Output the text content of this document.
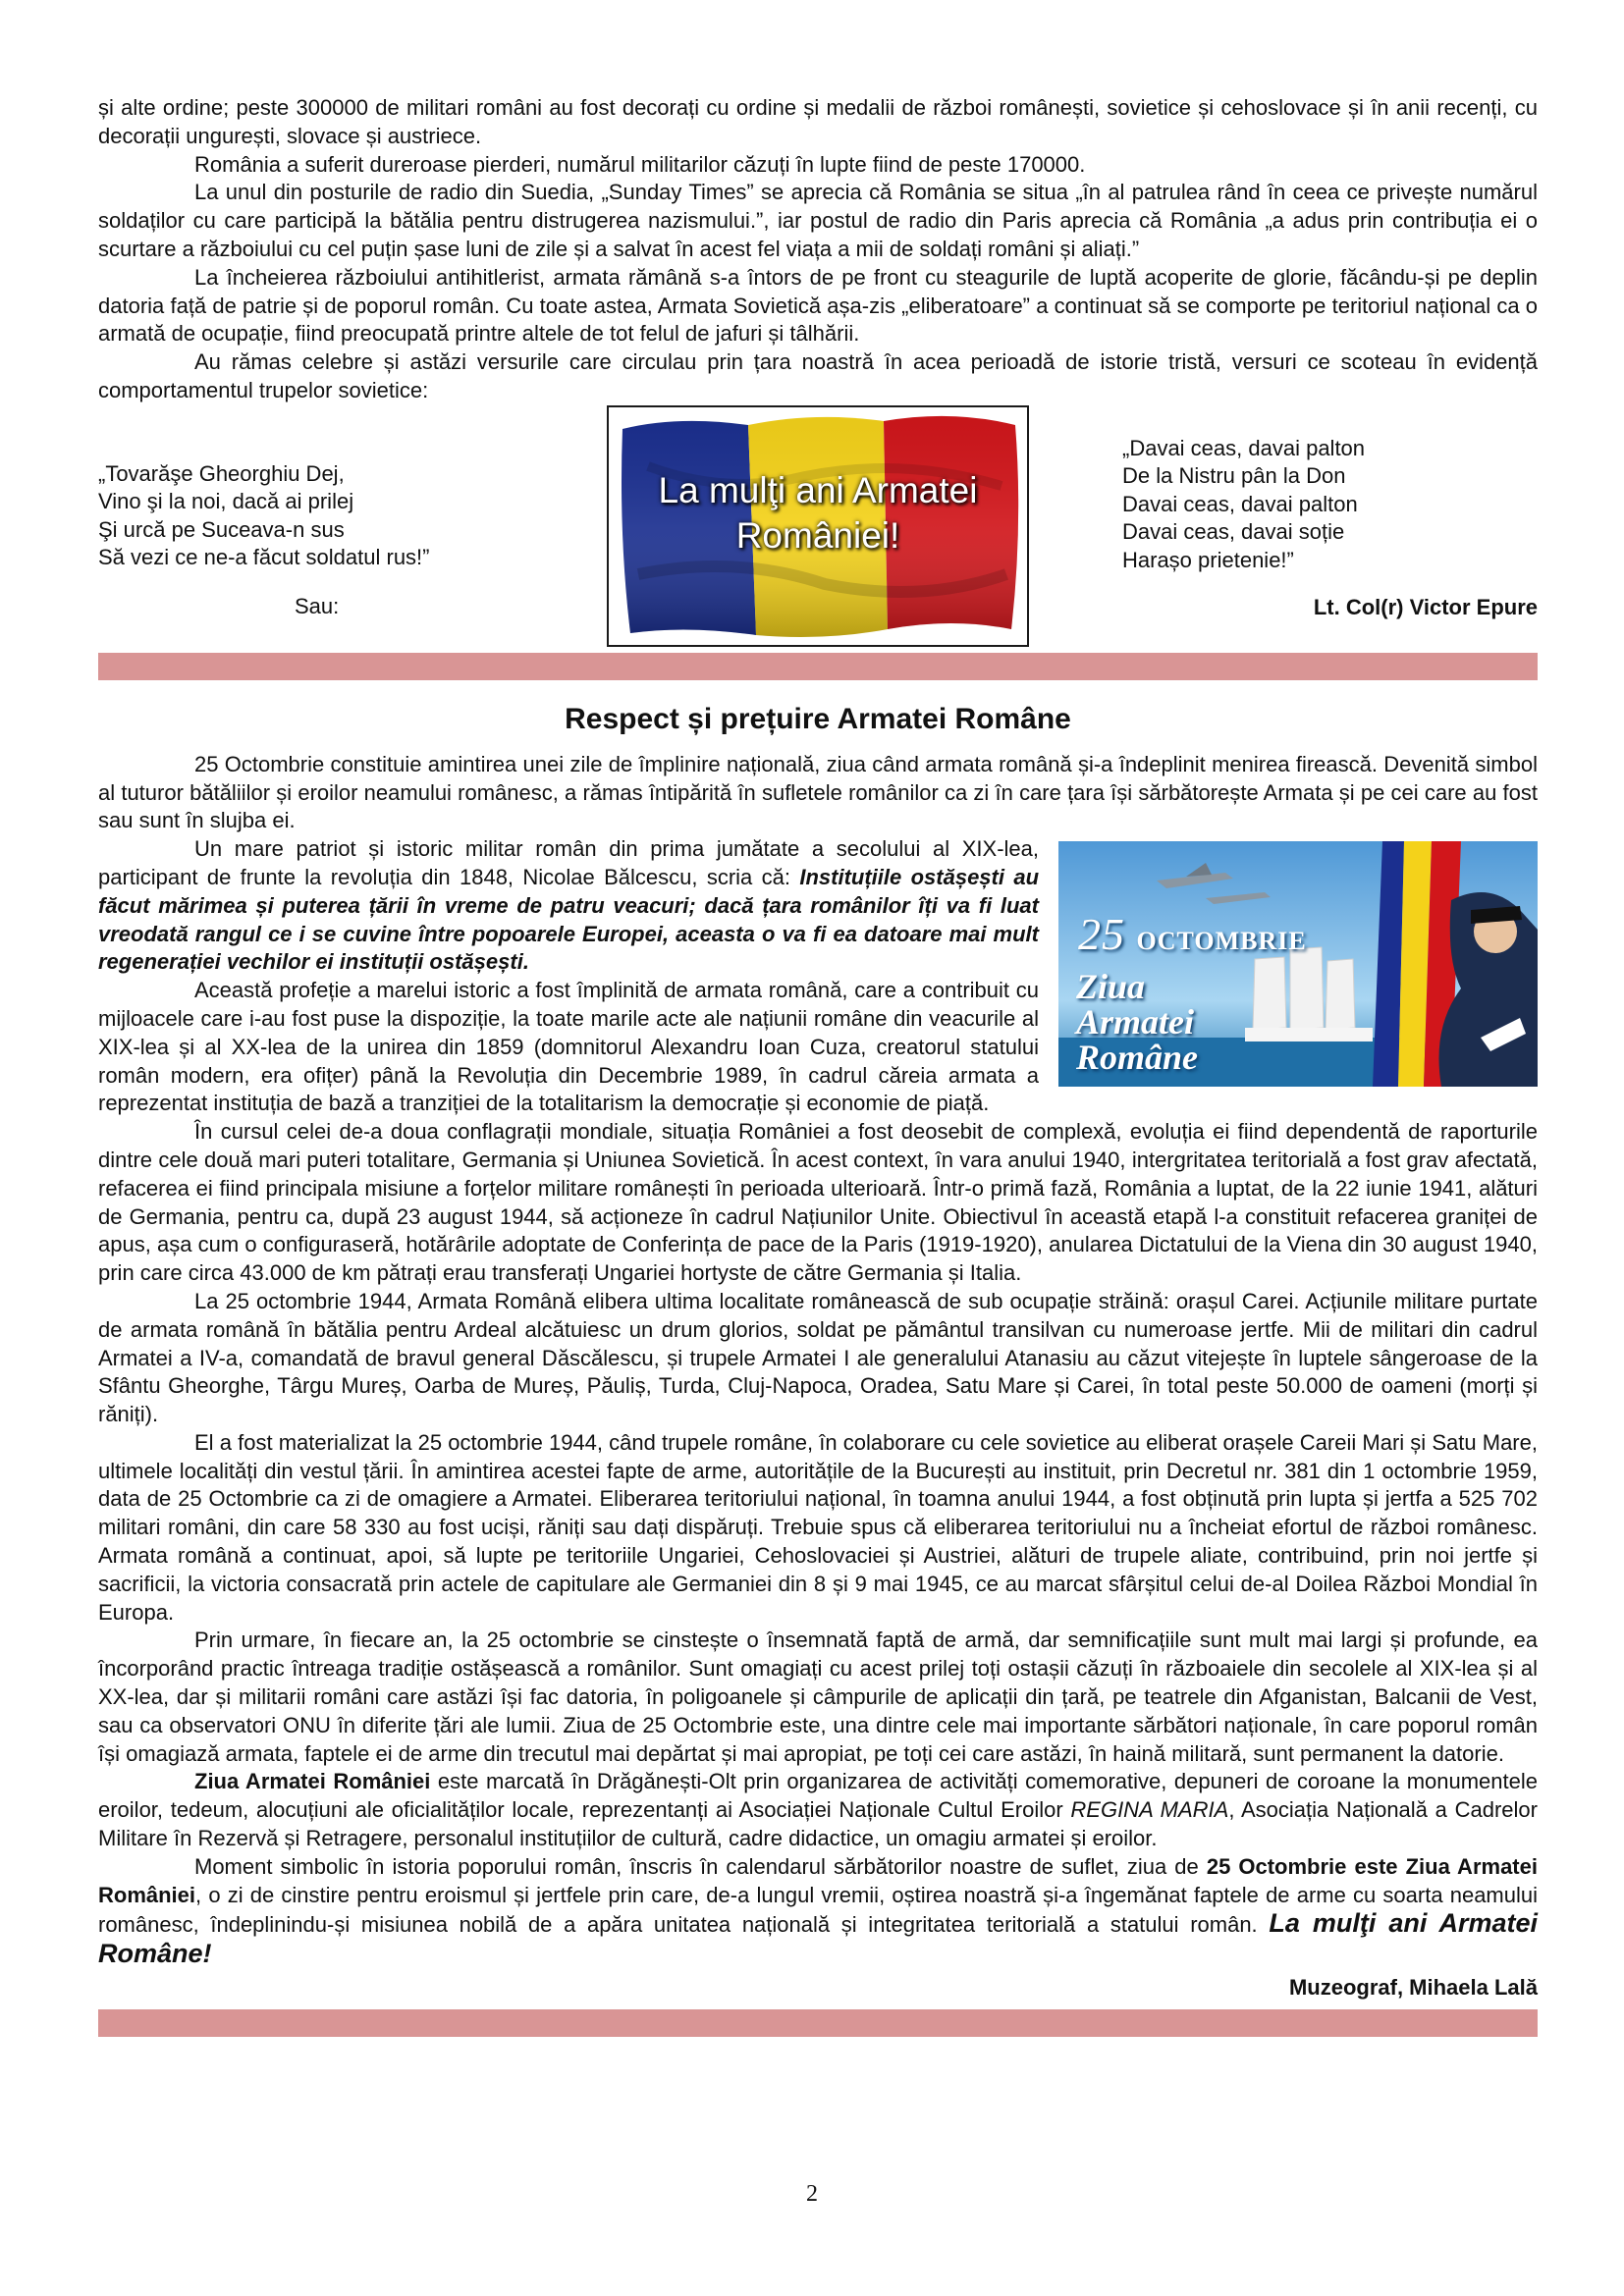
și alte ordine; peste 300000 de militari români au fost decorați cu ordine și medalii de război românești, sovietice și cehoslovace și în anii recenți, cu decorații ungurești, slovace și austriece.

România a suferit dureroase pierderi, numărul militarilor căzuți în lupte fiind de peste 170000.

La unul din posturile de radio din Suedia, „Sunday Times” se aprecia că România se situa „în al patrulea rând în ceea ce privește numărul soldaților cu care participă la bătălia pentru distrugerea nazismului.”, iar postul de radio din Paris aprecia că România „a adus prin contribuția ei o scurtare a războiului cu cel puțin șase luni de zile și a salvat în acest fel viața a mii de soldați români și aliați.”

La încheierea războiului antihitlerist, armata rămână s-a întors de pe front cu steagurile de luptă acoperite de glorie, făcându-și pe deplin datoria față de patrie și de poporul român. Cu toate astea, Armata Sovietică așa-zis „eliberatoare” a continuat să se comporte pe teritoriul național ca o armată de ocupație, fiind preocupată printre altele de tot felul de jafuri și tâlhării.

Au rămas celebre și astăzi versurile care circulau prin țara noastră în acea perioadă de istorie tristă, versuri ce scoteau în evidență comportamentul trupelor sovietice:

„Tovarăşe Gheorghiu Dej,
Vino şi la noi, dacă ai prilej
Şi urcă pe Suceava-n sus
Să vezi ce ne-a făcut soldatul rus!”
Sau:
La mulţi ani Armatei
României!
„Davai ceas, davai palton
De la Nistru pân la Don
Davai ceas, davai palton
Davai ceas, davai soție
Harașo prietenie!”
Lt. Col(r) Victor Epure
Respect și prețuire Armatei Române

25 Octombrie constituie amintirea unei zile de împlinire națională, ziua când armata română și-a îndeplinit menirea firească. Devenită simbol al tuturor bătăliilor și eroilor neamului românesc, a rămas întipărită în sufletele românilor ca zi în care țara își sărbătorește Armata și pe cei care au fost sau sunt în slujba ei.

25 OCTOMBRIE
Ziua
Armatei
Române

Un mare patriot și istoric militar român din prima jumătate a secolului al XIX-lea, participant de frunte la revoluția din 1848, Nicolae Bălcescu, scria că: Instituțiile ostășești au făcut mărimea și puterea țării în vreme de patru veacuri; dacă țara românilor îți va fi luat vreodată rangul ce i se cuvine între popoarele Europei, aceasta o va fi ea datoare mai mult regenerației vechilor ei instituții ostășești.

Această profeție a marelui istoric a fost împlinită de armata română, care a contribuit cu mijloacele care i-au fost puse la dispoziție, la toate marile acte ale națiunii române din veacurile al XIX-lea și al XX-lea de la unirea din 1859 (domnitorul Alexandru Ioan Cuza, creatorul statului român modern, era ofițer) până la Revoluția din Decembrie 1989, în cadrul căreia armata a reprezentat instituția de bază a tranziției de la totalitarism la democrație și economie de piață.

În cursul celei de-a doua conflagrații mondiale, situația României a fost deosebit de complexă, evoluția ei fiind dependentă de raporturile dintre cele două mari puteri totalitare, Germania și Uniunea Sovietică. În acest context, în vara anului 1940, intergritatea teritorială a fost grav afectată, refacerea ei fiind principala misiune a forțelor militare românești în perioada ulterioară. Într-o primă fază, România a luptat, de la 22 iunie 1941, alături de Germania, pentru ca, după 23 august 1944, să acționeze în cadrul Națiunilor Unite. Obiectivul în această etapă l-a constituit refacerea graniței de apus, așa cum o configuraseră, hotărârile adoptate de Conferința de pace de la Paris (1919-1920), anularea Dictatului de la Viena din 30 august 1940, prin care circa 43.000 de km pătrați erau transferați Ungariei hortyste de către Germania și Italia.

La 25 octombrie 1944, Armata Română elibera ultima localitate românească de sub ocupație străină: orașul Carei. Acțiunile militare purtate de armata română în bătălia pentru Ardeal alcătuiesc un drum glorios, soldat pe pământul transilvan cu numeroase jertfe. Mii de militari din cadrul Armatei a IV-a, comandată de bravul general Dăscălescu, și trupele Armatei I ale generalului Atanasiu au căzut vitejește în luptele sângeroase de la Sfântu Gheorghe, Târgu Mureș, Oarba de Mureș, Păuliș, Turda, Cluj-Napoca, Oradea, Satu Mare și Carei, în total peste 50.000 de oameni (morți și răniți).

El a fost materializat la 25 octombrie 1944, când trupele române, în colaborare cu cele sovietice au eliberat orașele Careii Mari și Satu Mare, ultimele localități din vestul țării. În amintirea acestei fapte de arme, autoritățile de la București au instituit, prin Decretul nr. 381 din 1 octombrie 1959, data de 25 Octombrie ca zi de omagiere a Armatei. Eliberarea teritoriului național, în toamna anului 1944, a fost obținută prin lupta și jertfa a 525 702 militari români, din care 58 330 au fost uciși, răniți sau dați dispăruți. Trebuie spus că eliberarea teritoriului nu a încheiat efortul de război românesc. Armata română a continuat, apoi, să lupte pe teritoriile Ungariei, Cehoslovaciei și Austriei, alături de trupele aliate, contribuind, prin noi jertfe și sacrificii, la victoria consacrată prin actele de capitulare ale Germaniei din 8 și 9 mai 1945, ce au marcat sfârșitul celui de-al Doilea Război Mondial în Europa.

Prin urmare, în fiecare an, la 25 octombrie se cinstește o însemnată faptă de armă, dar semnificațiile sunt mult mai largi și profunde, ea încorporând practic întreaga tradiție ostășească a românilor. Sunt omagiați cu acest prilej toți ostașii căzuți în războaiele din secolele al XIX-lea și al XX-lea, dar și militarii români care astăzi își fac datoria, în poligoanele și câmpurile de aplicații din țară, pe teatrele din Afganistan, Balcanii de Vest, sau ca observatori ONU în diferite țări ale lumii. Ziua de 25 Octombrie este, una dintre cele mai importante sărbători naționale, în care poporul român își omagiază armata, faptele ei de arme din trecutul mai depărtat și mai apropiat, pe toți cei care astăzi, în haină militară, sunt permanent la datorie.

Ziua Armatei României este marcată în Drăgănești-Olt prin organizarea de activități comemorative, depuneri de coroane la monumentele eroilor, tedeum, alocuțiuni ale oficialităților locale, reprezentanți ai Asociației Naționale Cultul Eroilor REGINA MARIA, Asociația Națională a Cadrelor Militare în Rezervă și Retragere, personalul instituțiilor de cultură, cadre didactice, un omagiu armatei și eroilor.

Moment simbolic în istoria poporului român, înscris în calendarul sărbătorilor noastre de suflet, ziua de 25 Octombrie este Ziua Armatei României, o zi de cinstire pentru eroismul și jertfele prin care, de-a lungul vremii, oștirea noastră și-a îngemănat faptele de arme cu soarta neamului românesc, îndeplinindu-și misiunea nobilă de a apăra unitatea națională și integritatea teritorială a statului român. La mulţi ani Armatei Române!

Muzeograf, Mihaela Lală
2
